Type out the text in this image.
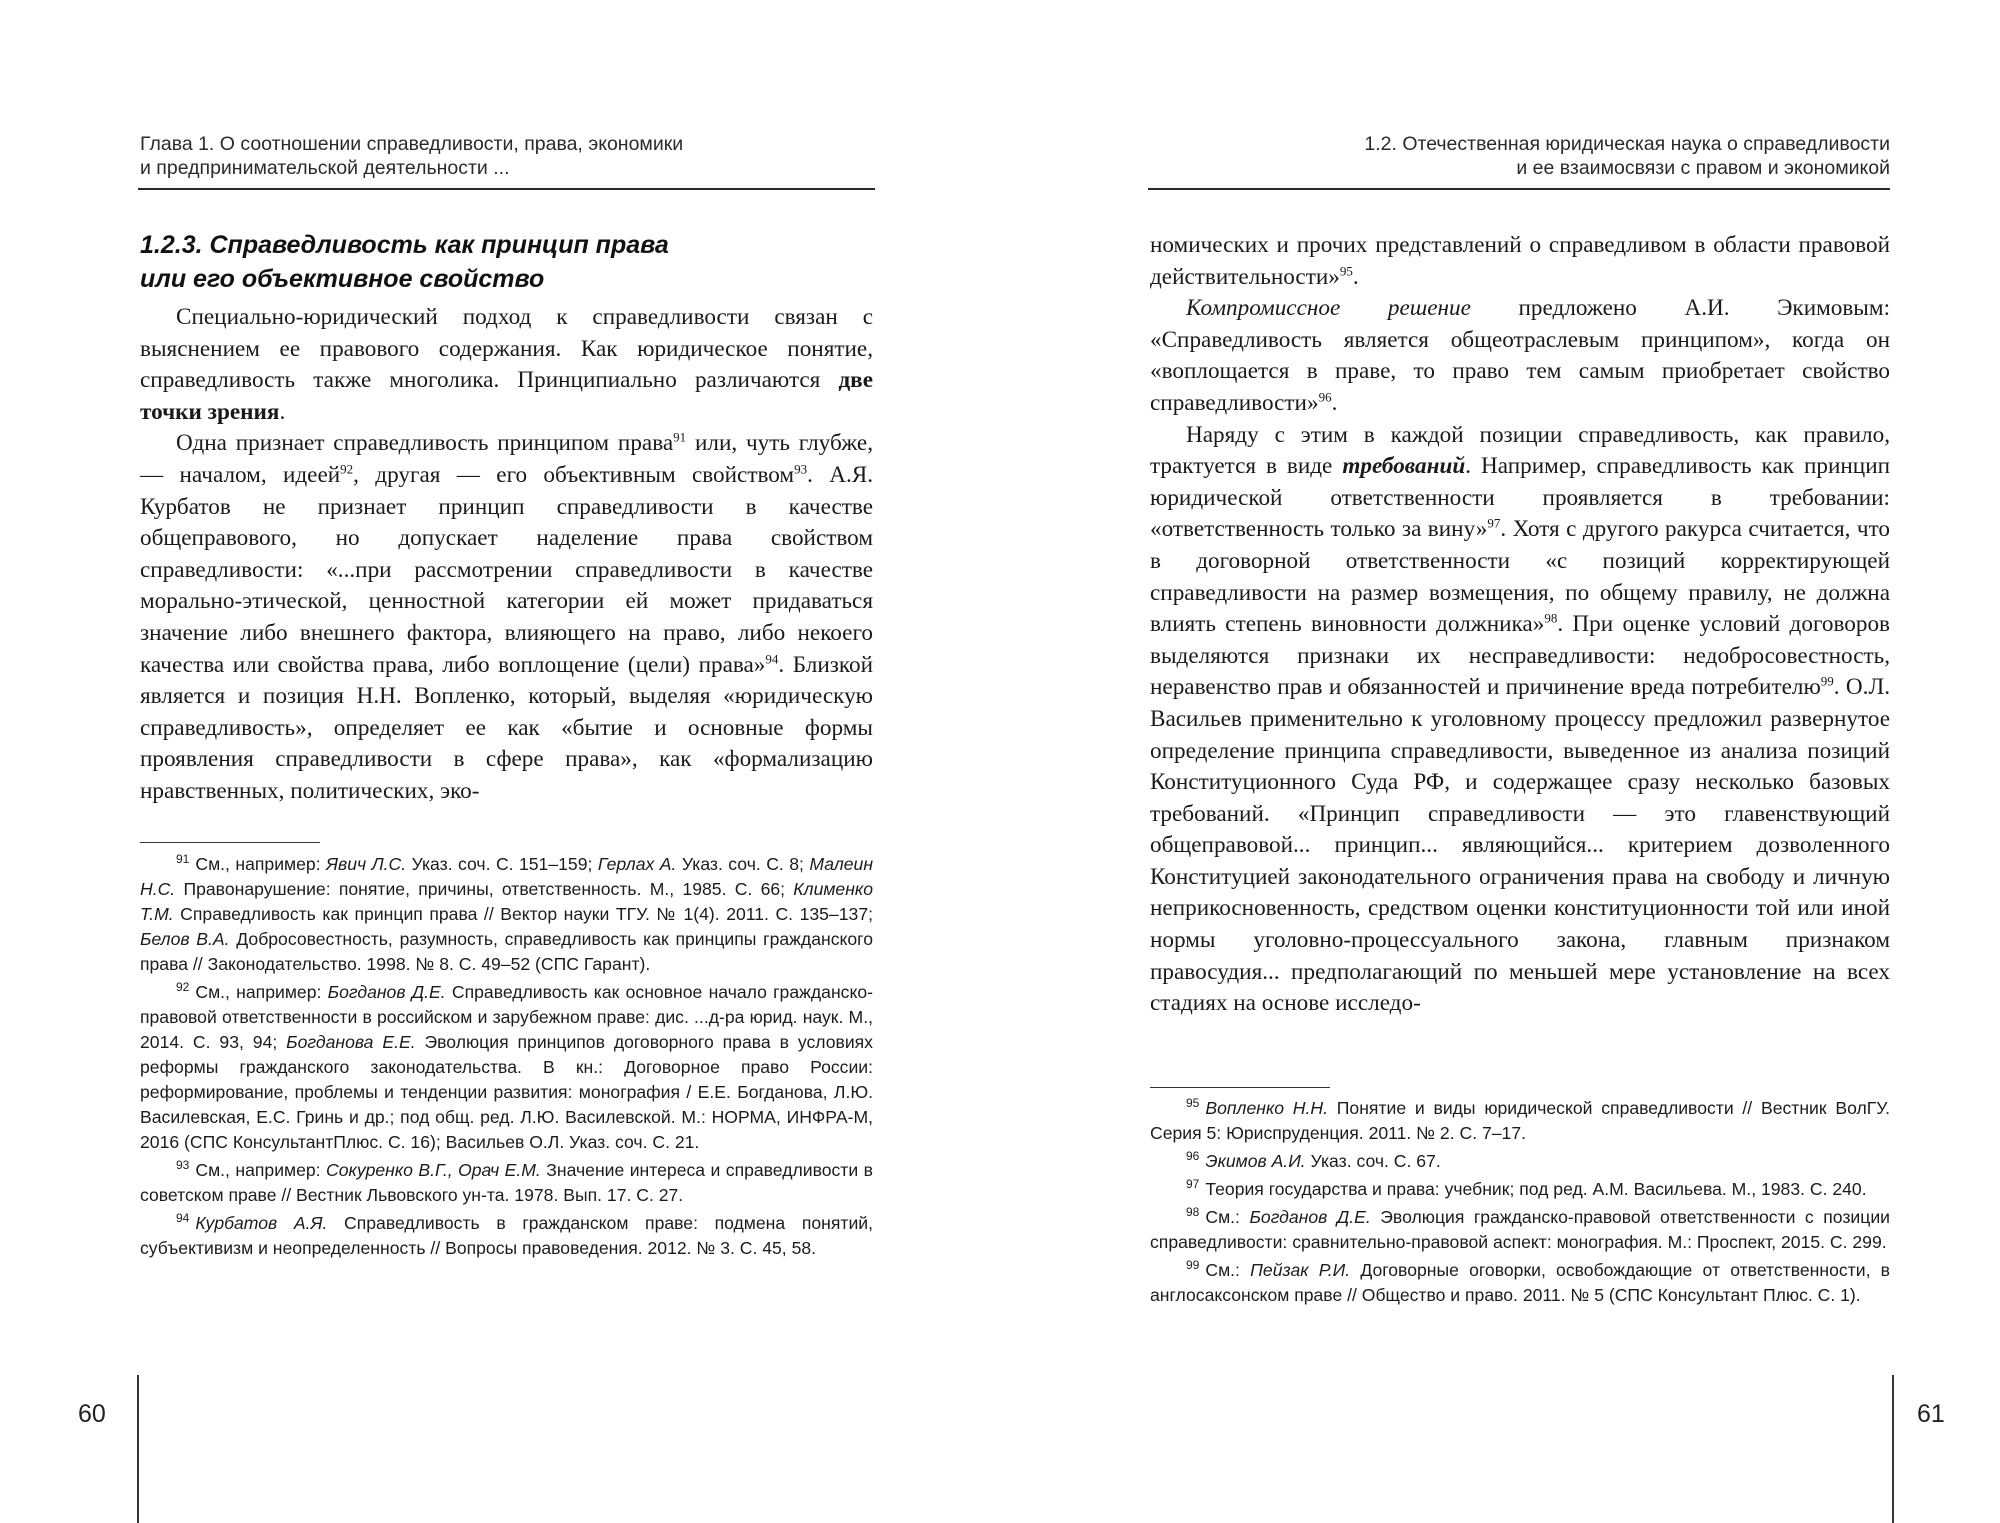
Глава 1. О соотношении справедливости, права, экономики
и предпринимательской деятельности ...
1.2.3. Справедливость как принцип права
или его объективное свойство

Специально-юридический подход к справедливости связан с выяснением ее правового содержания. Как юридическое понятие, справедливость также многолика. Принципиально различаются две точки зрения.

Одна признает справедливость принципом права$^{91}$ или, чуть глубже, — началом, идеей$^{92}$, другая — его объективным свойством$^{93}$. А.Я. Курбатов не признает принцип справедливости в качестве общеправового, но допускает наделение права свойством справедливости: «...при рассмотрении справедливости в качестве морально-этической, ценностной категории ей может придаваться значение либо внешнего фактора, влияющего на право, либо некоего качества или свойства права, либо воплощение (цели) права»$^{94}$. Близкой является и позиция Н.Н. Вопленко, который, выделяя «юридическую справедливость», определяет ее как «бытие и основные формы проявления справедливости в сфере права», как «формализацию нравственных, политических, эко-

$^{91}$ См., например: Явич Л.С. Указ. соч. С. 151–159; Герлах А. Указ. соч. С. 8; Малеин Н.С. Правонарушение: понятие, причины, ответственность. М., 1985. С. 66; Клименко Т.М. Справедливость как принцип права // Вектор науки ТГУ. № 1(4). 2011. С. 135–137; Белов В.А. Добросовестность, разумность, справедливость как принципы гражданского права // Законодательство. 1998. № 8. С. 49–52 (СПС Гарант).

$^{92}$ См., например: Богданов Д.Е. Справедливость как основное начало гражданско-правовой ответственности в российском и зарубежном праве: дис. ...д-ра юрид. наук. М., 2014. С. 93, 94; Богданова Е.Е. Эволюция принципов договорного права в условиях реформы гражданского законодательства. В кн.: Договорное право России: реформирование, проблемы и тенденции развития: монография / Е.Е. Богданова, Л.Ю. Василевская, Е.С. Гринь и др.; под общ. ред. Л.Ю. Василевской. М.: НОРМА, ИНФРА-М, 2016 (СПС КонсультантПлюс. С. 16); Васильев О.Л. Указ. соч. С. 21.

$^{93}$ См., например: Сокуренко В.Г., Орач Е.М. Значение интереса и справедливости в советском праве // Вестник Львовского ун-та. 1978. Вып. 17. С. 27.

$^{94}$ Курбатов А.Я. Справедливость в гражданском праве: подмена понятий, субъективизм и неопределенность // Вопросы правоведения. 2012. № 3. С. 45, 58.

60
1.2. Отечественная юридическая наука о справедливости
и ее взаимосвязи с правом и экономикой

номических и прочих представлений о справедливом в области правовой действительности»$^{95}$.

Компромиссное решение предложено А.И. Экимовым: «Справедливость является общеотраслевым принципом», когда он «воплощается в праве, то право тем самым приобретает свойство справедливости»$^{96}$.

Наряду с этим в каждой позиции справедливость, как правило, трактуется в виде требований. Например, справедливость как принцип юридической ответственности проявляется в требовании: «ответственность только за вину»$^{97}$. Хотя с другого ракурса считается, что в договорной ответственности «с позиций корректирующей справедливости на размер возмещения, по общему правилу, не должна влиять степень виновности должника»$^{98}$. При оценке условий договоров выделяются признаки их несправедливости: недобросовестность, неравенство прав и обязанностей и причинение вреда потребителю$^{99}$. О.Л. Васильев применительно к уголовному процессу предложил развернутое определение принципа справедливости, выведенное из анализа позиций Конституционного Суда РФ, и содержащее сразу несколько базовых требований. «Принцип справедливости — это главенствующий общеправовой... принцип... являющийся... критерием дозволенного Конституцией законодательного ограничения права на свободу и личную неприкосновенность, средством оценки конституционности той или иной нормы уголовно-процессуального закона, главным признаком правосудия... предполагающий по меньшей мере установление на всех стадиях на основе исследо-

$^{95}$ Вопленко Н.Н. Понятие и виды юридической справедливости // Вестник ВолГУ. Серия 5: Юриспруденция. 2011. № 2. С. 7–17.

$^{96}$ Экимов А.И. Указ. соч. С. 67.

$^{97}$ Теория государства и права: учебник; под ред. А.М. Васильева. М., 1983. С. 240.

$^{98}$ См.: Богданов Д.Е. Эволюция гражданско-правовой ответственности с позиции справедливости: сравнительно-правовой аспект: монография. М.: Проспект, 2015. С. 299.

$^{99}$ См.: Пейзак Р.И. Договорные оговорки, освобождающие от ответственности, в англосаксонском праве // Общество и право. 2011. № 5 (СПС Консультант Плюс. С. 1).

61
